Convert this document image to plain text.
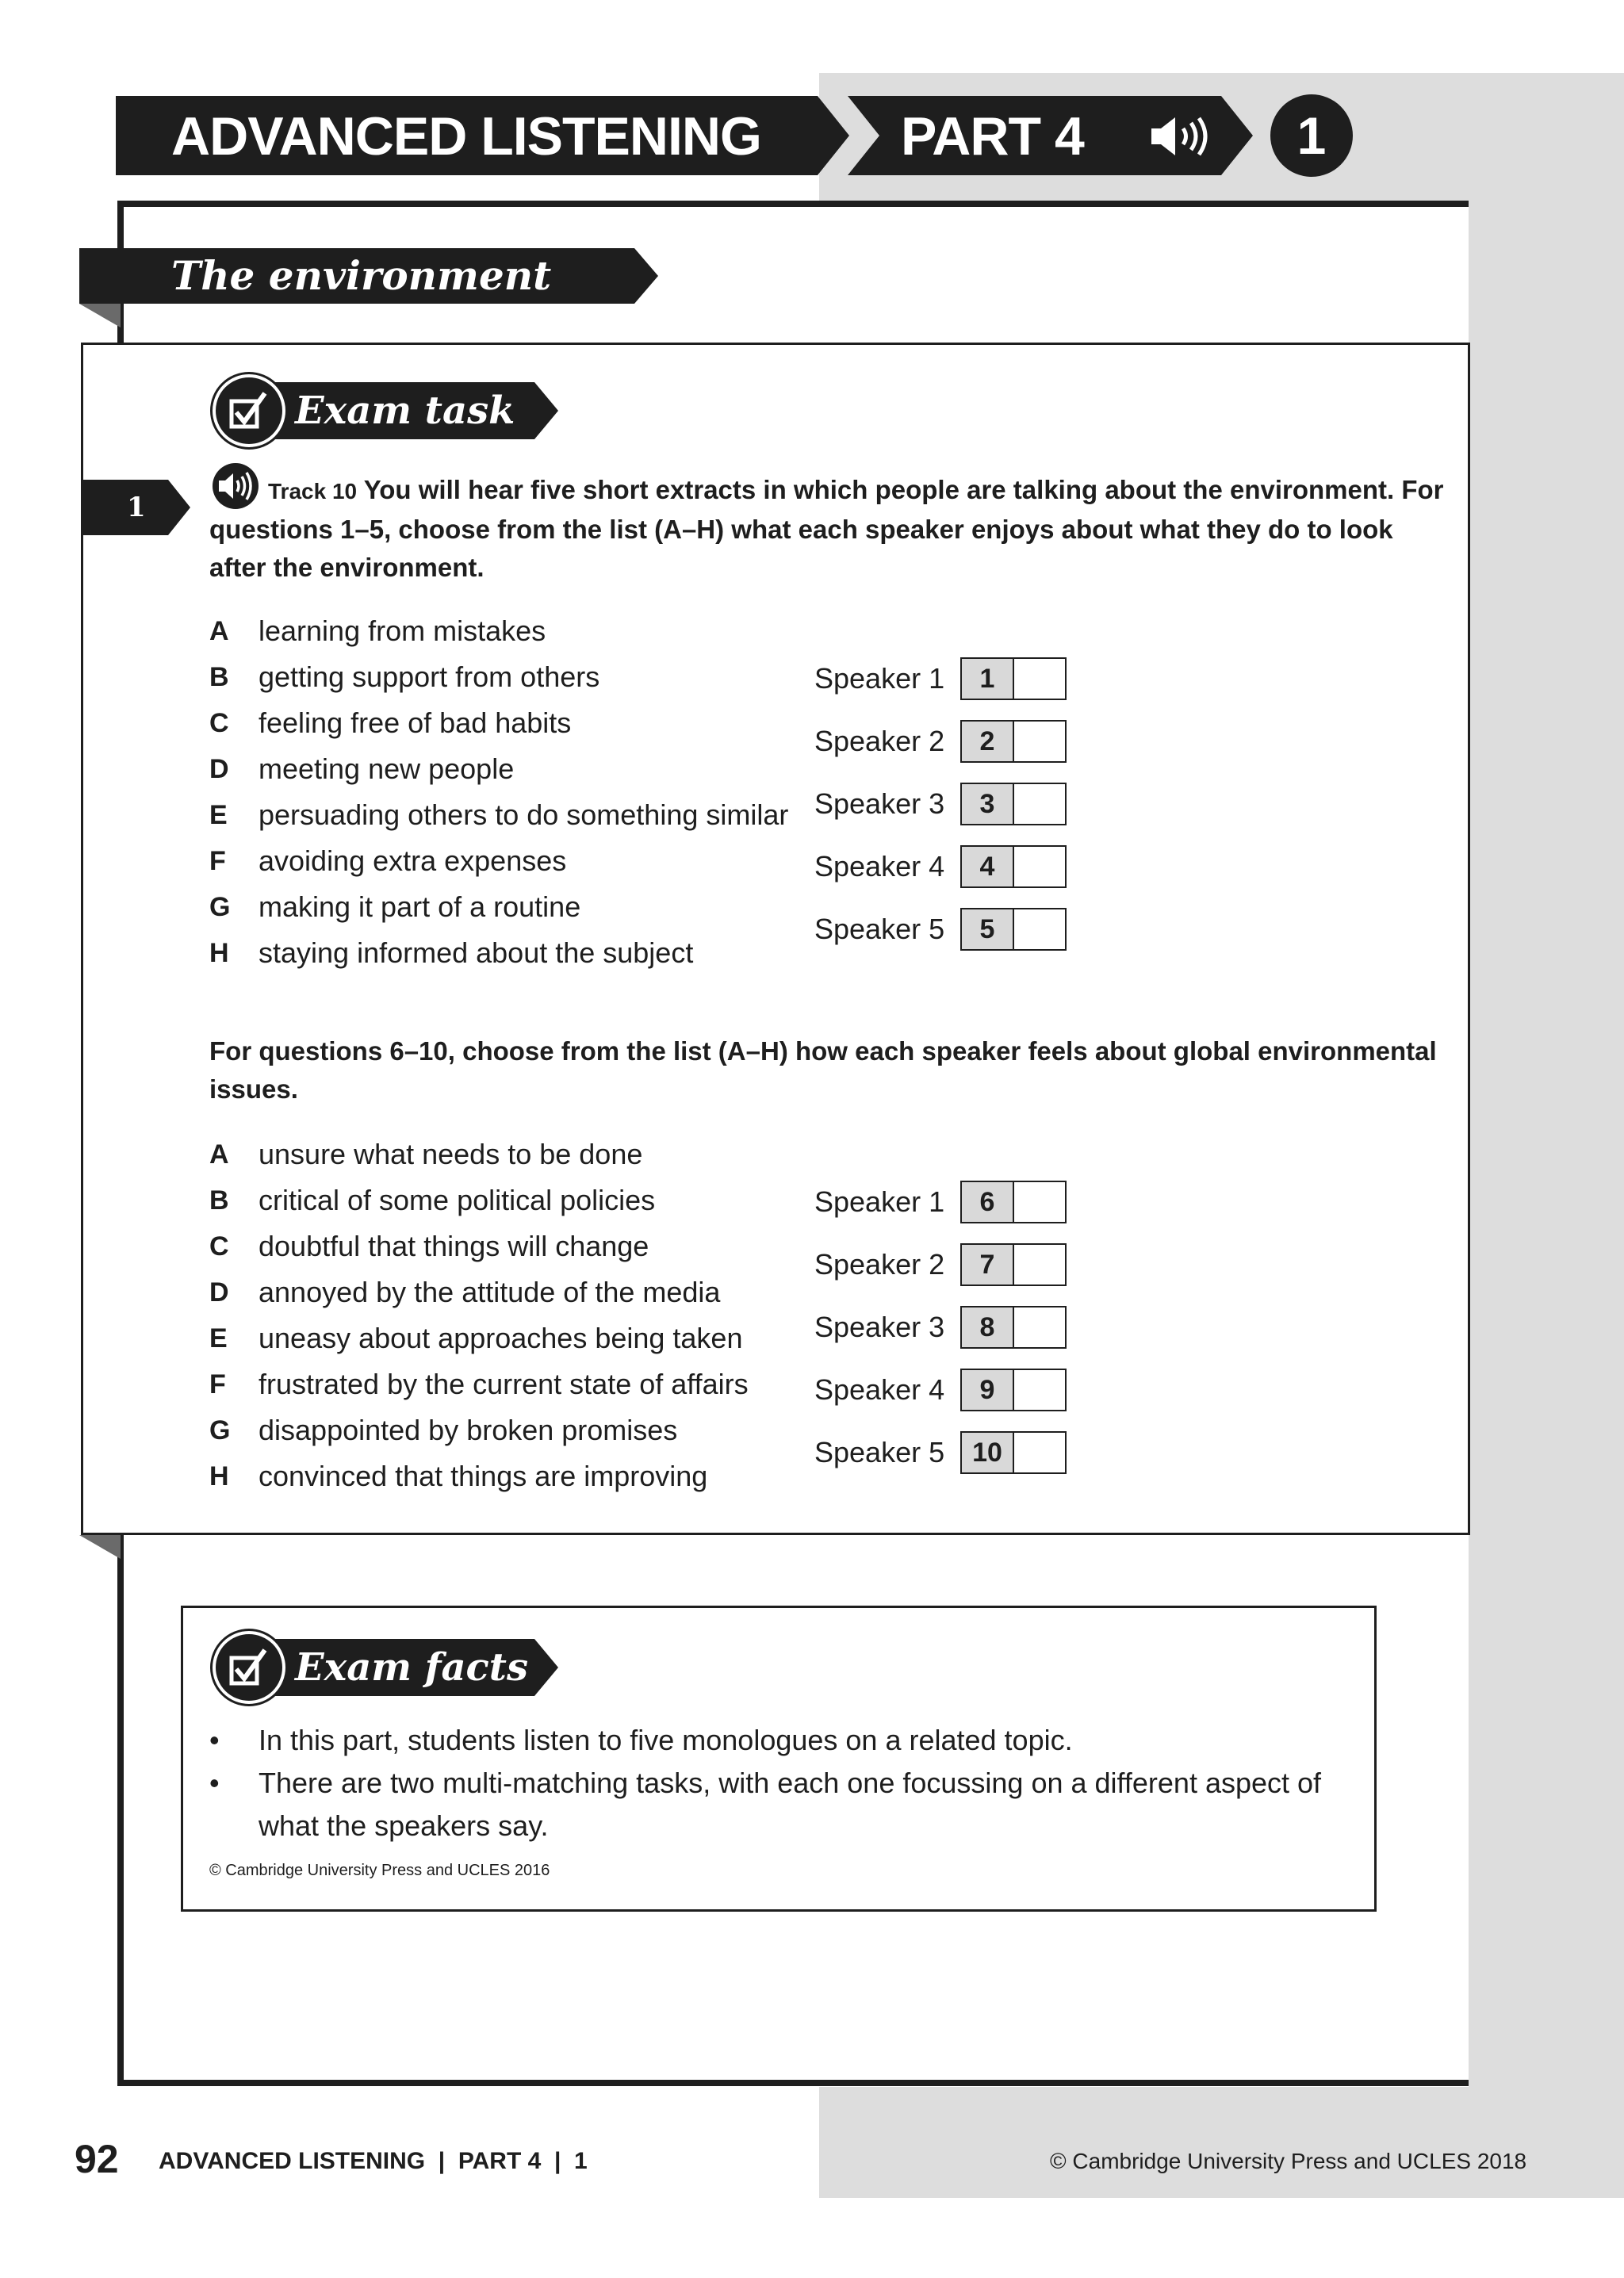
ADVANCED LISTENING	PART 4	1
The environment
Exam task
1
Track 10 You will hear five short extracts in which people are talking about the environment. For questions 1–5, choose from the list (A–H) what each speaker enjoys about what they do to look after the environment.
A learning from mistakes
B getting support from others
C feeling free of bad habits
D meeting new people
E persuading others to do something similar
F avoiding extra expenses
G making it part of a routine
H staying informed about the subject
Speaker 1	1
Speaker 2	2
Speaker 3	3
Speaker 4	4
Speaker 5	5
For questions 6–10, choose from the list (A–H) how each speaker feels about global environmental issues.
A unsure what needs to be done
B critical of some political policies
C doubtful that things will change
D annoyed by the attitude of the media
E uneasy about approaches being taken
F frustrated by the current state of affairs
G disappointed by broken promises
H convinced that things are improving
Speaker 1	6
Speaker 2	7
Speaker 3	8
Speaker 4	9
Speaker 5	10
Exam facts
• In this part, students listen to five monologues on a related topic.
• There are two multi-matching tasks, with each one focussing on a different aspect of what the speakers say.
© Cambridge University Press and UCLES 2016
92 ADVANCED LISTENING  |  PART 4  |  1	© Cambridge University Press and UCLES 2018
